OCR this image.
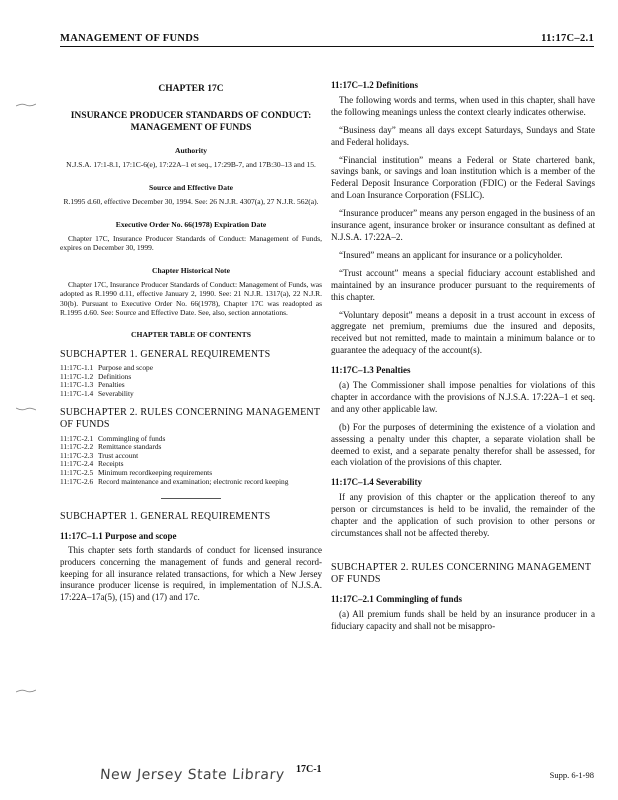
MANAGEMENT OF FUNDS	11:17C–2.1
CHAPTER 17C
INSURANCE PRODUCER STANDARDS OF CONDUCT: MANAGEMENT OF FUNDS
Authority
N.J.S.A. 17:1-8.1, 17:1C-6(e), 17:22A–1 et seq., 17:29B-7, and 17B:30–13 and 15.
Source and Effective Date
R.1995 d.60, effective December 30, 1994. See: 26 N.J.R. 4307(a), 27 N.J.R. 562(a).
Executive Order No. 66(1978) Expiration Date

Chapter 17C, Insurance Producer Standards of Conduct: Management of Funds, expires on December 30, 1999.

Chapter Historical Note

Chapter 17C, Insurance Producer Standards of Conduct: Management of Funds, was adopted as R.1990 d.11, effective January 2, 1990. See: 21 N.J.R. 1317(a), 22 N.J.R. 30(b). Pursuant to Executive Order No. 66(1978), Chapter 17C was readopted as R.1995 d.60. See: Source and Effective Date. See, also, section annotations.

CHAPTER TABLE OF CONTENTS
SUBCHAPTER 1. GENERAL REQUIREMENTS
11:17C-1.1 Purpose and scope
11:17C-1.2 Definitions
11:17C-1.3 Penalties
11:17C-1.4 Severability
SUBCHAPTER 2. RULES CONCERNING MANAGEMENT OF FUNDS
11:17C-2.1 Commingling of funds
11:17C-2.2 Remittance standards
11:17C-2.3 Trust account
11:17C-2.4 Receipts
11:17C-2.5 Minimum recordkeeping requirements
11:17C-2.6 Record maintenance and examination; electronic record keeping
SUBCHAPTER 1. GENERAL REQUIREMENTS
11:17C–1.1 Purpose and scope

This chapter sets forth standards of conduct for licensed insurance producers concerning the management of funds and general record-keeping for all insurance related transactions, for which a New Jersey insurance producer license is required, in implementation of N.J.S.A. 17:22A–17a(5), (15) and (17) and 17c.

11:17C–1.2 Definitions

The following words and terms, when used in this chapter, shall have the following meanings unless the context clearly indicates otherwise.

“Business day” means all days except Saturdays, Sundays and State and Federal holidays.

“Financial institution” means a Federal or State chartered bank, savings bank, or savings and loan institution which is a member of the Federal Deposit Insurance Corporation (FDIC) or the Federal Savings and Loan Insurance Corporation (FSLIC).

“Insurance producer” means any person engaged in the business of an insurance agent, insurance broker or insurance consultant as defined at N.J.S.A. 17:22A–2.

“Insured” means an applicant for insurance or a policyholder.

“Trust account” means a special fiduciary account established and maintained by an insurance producer pursuant to the requirements of this chapter.

“Voluntary deposit” means a deposit in a trust account in excess of aggregate net premium, premiums due the insured and deposits, received but not remitted, made to maintain a minimum balance or to guarantee the adequacy of the account(s).

11:17C–1.3 Penalties

(a) The Commissioner shall impose penalties for violations of this chapter in accordance with the provisions of N.J.S.A. 17:22A–1 et seq. and any other applicable law.

(b) For the purposes of determining the existence of a violation and assessing a penalty under this chapter, a separate violation shall be deemed to exist, and a separate penalty therefor shall be assessed, for each violation of the provisions of this chapter.

11:17C–1.4 Severability

If any provision of this chapter or the application thereof to any person or circumstances is held to be invalid, the remainder of the chapter and the application of such provision to other persons or circumstances shall not be affected thereby.

SUBCHAPTER 2. RULES CONCERNING MANAGEMENT OF FUNDS
11:17C–2.1 Commingling of funds

(a) All premium funds shall be held by an insurance producer in a fiduciary capacity and shall not be misappro-

New Jersey State Library 17C-1	Supp. 6-1-98
